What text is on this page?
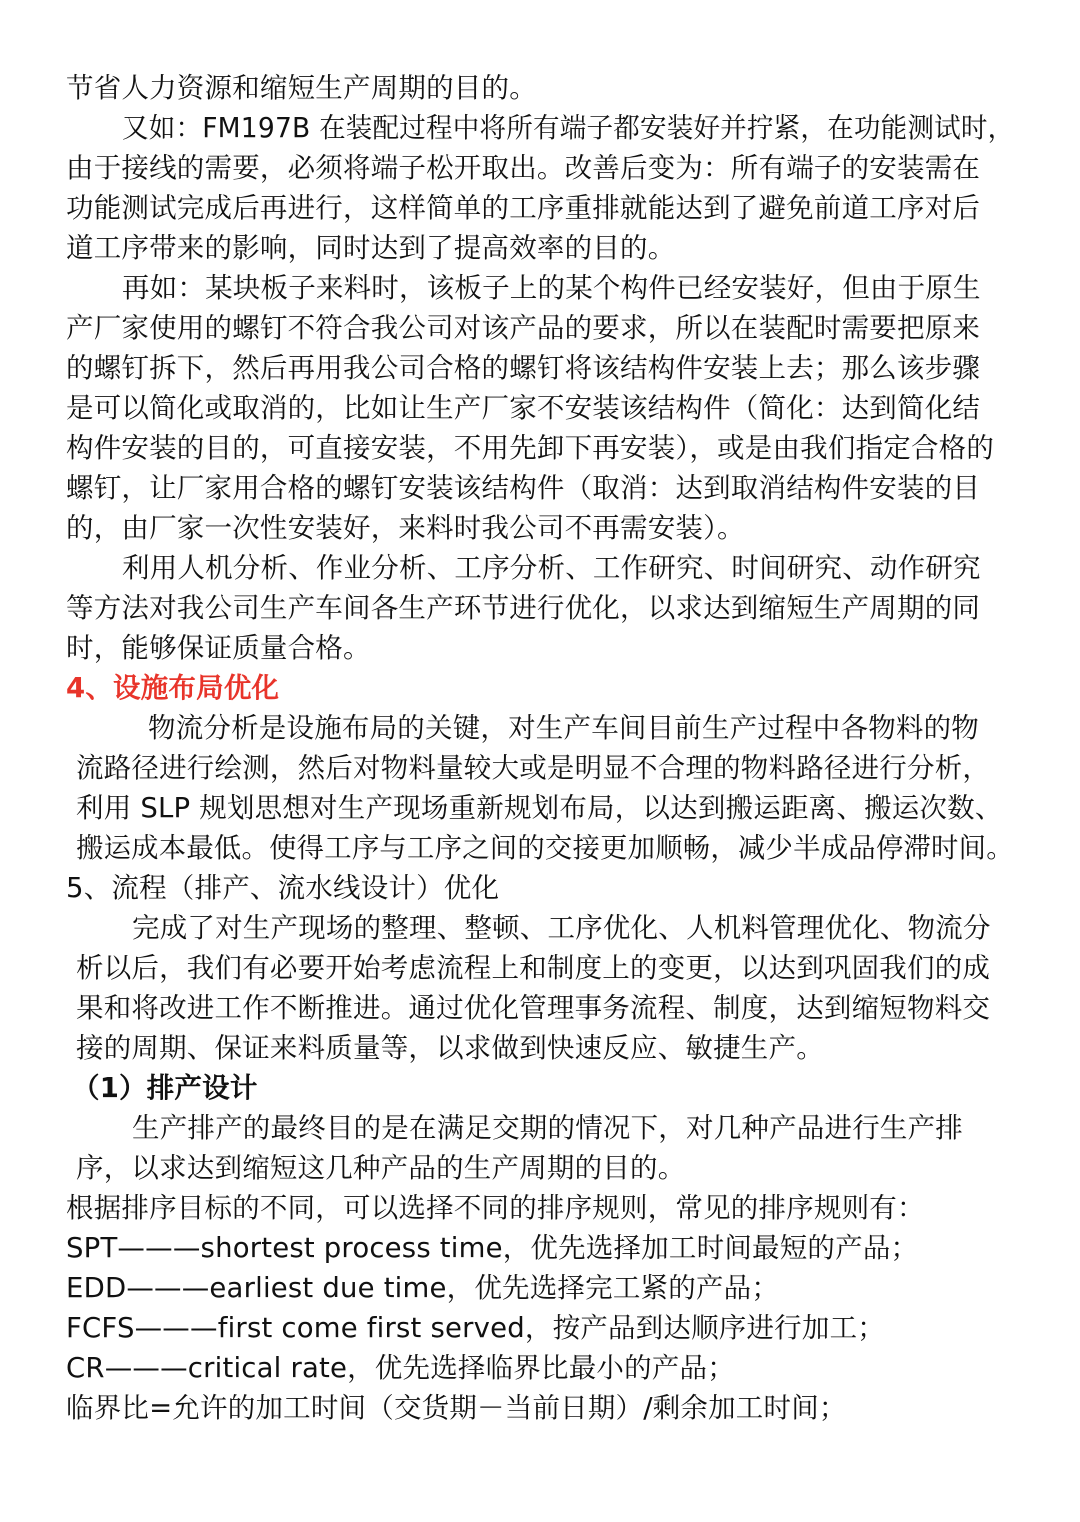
节省人力资源和缩短生产周期的目的。
又如：FM197B 在装配过程中将所有端子都安装好并拧紧，在功能测试时，
由于接线的需要，必须将端子松开取出。改善后变为：所有端子的安装需在
功能测试完成后再进行，这样简单的工序重排就能达到了避免前道工序对后
道工序带来的影响，同时达到了提高效率的目的。
再如：某块板子来料时，该板子上的某个构件已经安装好，但由于原生
产厂家使用的螺钉不符合我公司对该产品的要求，所以在装配时需要把原来
的螺钉拆下，然后再用我公司合格的螺钉将该结构件安装上去；那么该步骤
是可以简化或取消的，比如让生产厂家不安装该结构件（简化：达到简化结
构件安装的目的，可直接安装，不用先卸下再安装），或是由我们指定合格的
螺钉，让厂家用合格的螺钉安装该结构件（取消：达到取消结构件安装的目
的，由厂家一次性安装好，来料时我公司不再需安装）。
利用人机分析、作业分析、工序分析、工作研究、时间研究、动作研究
等方法对我公司生产车间各生产环节进行优化，以求达到缩短生产周期的同
时，能够保证质量合格。
4、设施布局优化
物流分析是设施布局的关键，对生产车间目前生产过程中各物料的物
流路径进行绘测，然后对物料量较大或是明显不合理的物料路径进行分析，
利用 SLP 规划思想对生产现场重新规划布局，以达到搬运距离、搬运次数、
搬运成本最低。使得工序与工序之间的交接更加顺畅，减少半成品停滞时间。
5、流程（排产、流水线设计）优化
完成了对生产现场的整理、整顿、工序优化、人机料管理优化、物流分
析以后，我们有必要开始考虑流程上和制度上的变更，以达到巩固我们的成
果和将改进工作不断推进。通过优化管理事务流程、制度，达到缩短物料交
接的周期、保证来料质量等，以求做到快速反应、敏捷生产。
（1）排产设计
生产排产的最终目的是在满足交期的情况下，对几种产品进行生产排
序，以求达到缩短这几种产品的生产周期的目的。
根据排序目标的不同，可以选择不同的排序规则，常见的排序规则有：
SPT———shortest process time，优先选择加工时间最短的产品；
EDD———earliest due time，优先选择完工紧的产品；
FCFS———first come first served，按产品到达顺序进行加工；
CR———critical rate，优先选择临界比最小的产品；
临界比=允许的加工时间（交货期－当前日期）/剩余加工时间；
